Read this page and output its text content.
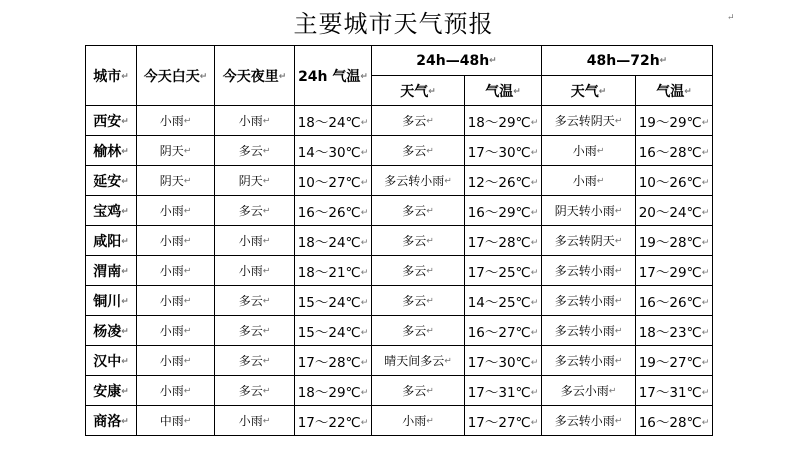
主要城市天气预报	↵
城市↵	今天白天↵	今天夜里↵	24h 气温↵	24h—48h↵		48h—72h↵	
				天气↵	气温↵	天气↵	气温↵
西安↵	小雨↵	小雨↵	18～24℃↵	多云↵	18～29℃↵	多云转阴天↵	19～29℃↵
榆林↵	阴天↵	多云↵	14～30℃↵	多云↵	17～30℃↵	小雨↵	16～28℃↵
延安↵	阴天↵	阴天↵	10～27℃↵	多云转小雨↵	12～26℃↵	小雨↵	10～26℃↵
宝鸡↵	小雨↵	多云↵	16～26℃↵	多云↵	16～29℃↵	阴天转小雨↵	20～24℃↵
咸阳↵	小雨↵	小雨↵	18～24℃↵	多云↵	17～28℃↵	多云转阴天↵	19～28℃↵
渭南↵	小雨↵	小雨↵	18～21℃↵	多云↵	17～25℃↵	多云转小雨↵	17～29℃↵
铜川↵	小雨↵	多云↵	15～24℃↵	多云↵	14～25℃↵	多云转小雨↵	16～26℃↵
杨凌↵	小雨↵	多云↵	15～24℃↵	多云↵	16～27℃↵	多云转小雨↵	18～23℃↵
汉中↵	小雨↵	多云↵	17～28℃↵	晴天间多云↵	17～30℃↵	多云转小雨↵	19～27℃↵
安康↵	小雨↵	多云↵	18～29℃↵	多云↵	17～31℃↵	多云小雨↵	17～31℃↵
商洛↵	中雨↵	小雨↵	17～22℃↵	小雨↵	17～27℃↵	多云转小雨↵	16～28℃↵
